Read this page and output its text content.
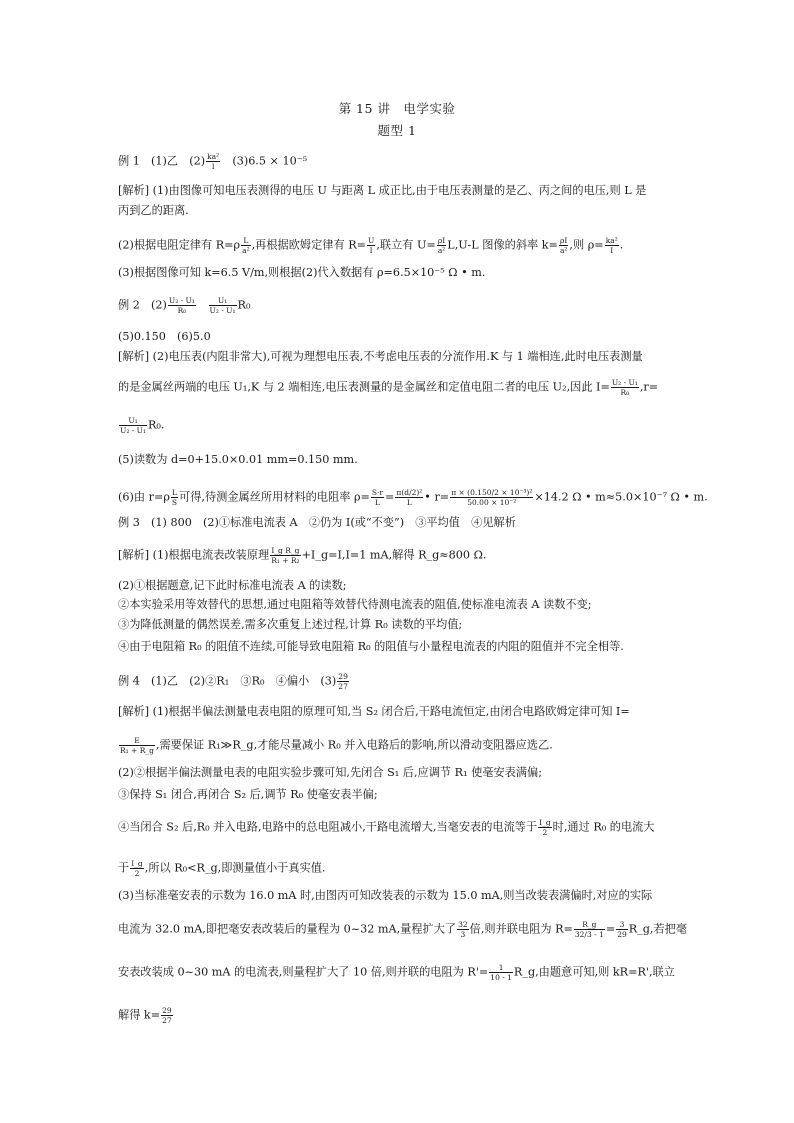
第 15 讲　电学实验
题型 1
例 1　(1)乙　$(2) \frac{\text{ka²}}{l}$ 　(3)6.5 × 10⁻⁵
[解析] (1)由图像可知电压表测得的电压 U 与距离 L 成正比,由于电压表测量的是乙、丙之间的电压,则 L 是
丙到乙的距离.
(2)根据电阻定律有 $R=\rho \frac{L}{\text{a²}}$ ,再根据欧姆定律有 $R= \frac{U}{I}$ ,联立有 $U= \frac{\rho I}{\text{a²}} L,U-L$ 图像的斜率 $k= \frac{\rho I}{\text{a²}}$ ,则 $\rho= \frac{\text{ka²}}{I}$ .
(3)根据图像可知 k=6.5 V/m,则根据(2)代入数据有 ρ=6.5×10⁻⁵ Ω • m.
例 2　$(2) \frac{\text{U₂ - U₁}}{\text{R₀}}$
$\frac{\text{U₁}}{\text{U₂ - U₁}} R_0$
(5)0.150　(6)5.0
[解析] (2)电压表(内阻非常大),可视为理想电压表,不考虑电压表的分流作用.K 与 1 端相连,此时电压表测量
的是金属丝两端的电压 U₁,K 与 2 端相连,电压表测量的是金属丝和定值电阻二者的电压 U₂,因此 $I= \frac{\text{U₂ - U₁}}{\text{R₀}} ,r=$
$\frac{\text{U₁}}{\text{U₂ - U₁}} R_0$.
(5)读数为 d=0+15.0×0.01 mm=0.150 mm.
(6)由 $r=\rho \frac{L}{S}$ 可得,待测金属丝所用材料的电阻率 $\rho= \frac{S\cdot r}{L} = \frac{\text{π(d/2)²}}{L}$ • $r= \frac{\text{π × (0.150/2 × 10⁻³)²}}{\text{50.00 × 10⁻²}} \times 14.2$ Ω • m≈5.0×10⁻⁷ Ω • m.
例 3　(1) 800　(2)①标准电流表 A　②仍为 I(或“不变”)　③平均值　④见解析
[解析] (1)根据电流表改装原理 $\frac{\text{I\_g R\_g}}{\text{R₁ + R₂}}$ +I_g=I,I=1 mA,解得 R_g≈800 Ω.
(2)①根据题意,记下此时标准电流表 A 的读数;
②本实验采用等效替代的思想,通过电阻箱等效替代待测电流表的阻值,使标准电流表 A 读数不变;
③为降低测量的偶然误差,需多次重复上述过程,计算 R₀ 读数的平均值;
④由于电阻箱 R₀ 的阻值不连续,可能导致电阻箱 R₀ 的阻值与小量程电流表的内阻的阻值并不完全相等.
例 4　(1)乙　(2)②R₁　③R₀　④偏小　$(3) \frac{29}{27}$
[解析] (1)根据半偏法测量电表电阻的原理可知,当 S₂ 闭合后,干路电流恒定,由闭合电路欧姆定律可知 I=
$\frac{E}{\text{R₁ + R\_g}}$ ,需要保证 R₁≫R_g,才能尽量减小 R₀ 并入电路后的影响,所以滑动变阻器应选乙.
(2)②根据半偏法测量电表的电阻实验步骤可知,先闭合 S₁ 后,应调节 R₁ 使毫安表满偏;
③保持 S₁ 闭合,再闭合 S₂ 后,调节 R₀ 使毫安表半偏;
④当闭合 S₂ 后,R₀ 并入电路,电路中的总电阻减小,干路电流增大,当毫安表的电流等于 $\frac{I\_g}{2}$ 时,通过 R₀ 的电流大
于 $\frac{I\_g}{2}$ ,所以 R₀<R_g,即测量值小于真实值.
(3)当标准毫安表的示数为 16.0 mA 时,由图丙可知改装表的示数为 15.0 mA,则当改装表满偏时,对应的实际
电流为 32.0 mA,即把毫安表改装后的量程为 0~32 mA,量程扩大了 $\frac{32}{3}$ 倍,则并联电阻为 $R= \frac{R\_g}{32/3 - 1} = \frac{3}{29}$ R_g,若把毫
安表改装成 0~30 mA 的电流表,则量程扩大了 10 倍,则并联的电阻为 $R'= \frac{1}{10 - 1}$ R_g,由题意可知,则 kR=R',联立
解得 $k= \frac{29}{27}$
